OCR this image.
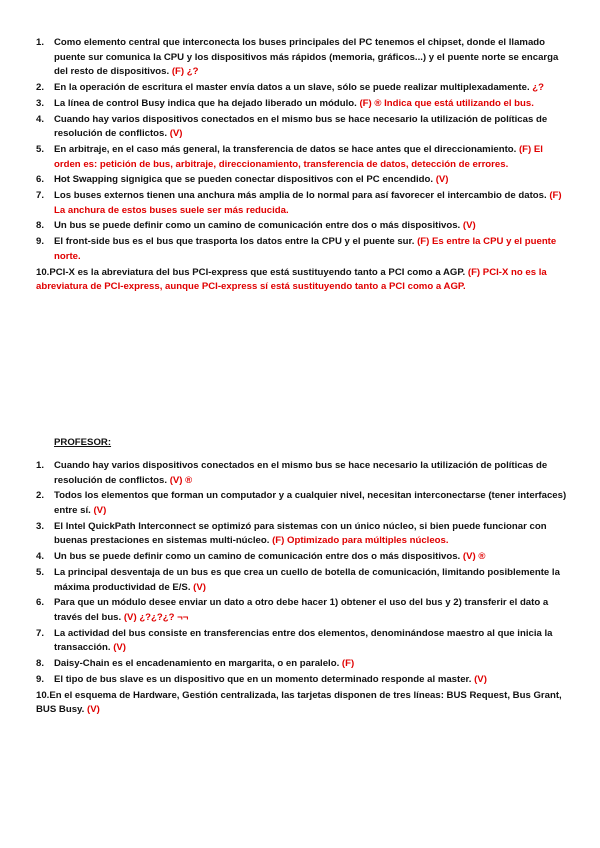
1. Como elemento central que interconecta los buses principales del PC tenemos el chipset, donde el llamado puente sur comunica la CPU y los dispositivos más rápidos (memoria, gráficos...) y el puente norte se encarga del resto de dispositivos. (F) ¿?
2. En la operación de escritura el master envía datos a un slave, sólo se puede realizar multiplexadamente. ¿?
3. La línea de control Busy indica que ha dejado liberado un módulo. (F) ® Indica que está utilizando el bus.
4. Cuando hay varios dispositivos conectados en el mismo bus se hace necesario la utilización de políticas de resolución de conflictos. (V)
5. En arbitraje, en el caso más general, la transferencia de datos se hace antes que el direccionamiento. (F) El orden es: petición de bus, arbitraje, direccionamiento, transferencia de datos, detección de errores.
6. Hot Swapping signigica que se pueden conectar dispositivos con el PC encendido. (V)
7. Los buses externos tienen una anchura más amplia de lo normal para así favorecer el intercambio de datos. (F) La anchura de estos buses suele ser más reducida.
8. Un bus se puede definir como un camino de comunicación entre dos o más dispositivos. (V)
9. El front-side bus es el bus que trasporta los datos entre la CPU y el puente sur. (F) Es entre la CPU y el puente norte.
10.PCI-X es la abreviatura del bus PCI-express que está sustituyendo tanto a PCI como a AGP. (F) PCI-X no es la abreviatura de PCI-express, aunque PCI-express sí está sustituyendo tanto a PCI como a AGP.
PROFESOR:
1. Cuando hay varios dispositivos conectados en el mismo bus se hace necesario la utilización de políticas de resolución de conflictos. (V) ®
2. Todos los elementos que forman un computador y a cualquier nivel, necesitan interconectarse (tener interfaces) entre sí. (V)
3. El Intel QuickPath Interconnect se optimizó para sistemas con un único núcleo, si bien puede funcionar con buenas prestaciones en sistemas multi-núcleo. (F) Optimizado para múltiples núcleos.
4. Un bus se puede definir como un camino de comunicación entre dos o más dispositivos. (V) ®
5. La principal desventaja de un bus es que crea un cuello de botella de comunicación, limitando posiblemente la máxima productividad de E/S. (V)
6. Para que un módulo desee enviar un dato a otro debe hacer 1) obtener el uso del bus y 2) transferir el dato a través del bus. (V) ¿?¿?¿? ¬¬
7. La actividad del bus consiste en transferencias entre dos elementos, denominándose maestro al que inicia la transacción. (V)
8. Daisy-Chain es el encadenamiento en margarita, o en paralelo. (F)
9. El tipo de bus slave es un dispositivo que en un momento determinado responde al master. (V)
10.En el esquema de Hardware, Gestión centralizada, las tarjetas disponen de tres líneas: BUS Request, Bus Grant, BUS Busy. (V)
